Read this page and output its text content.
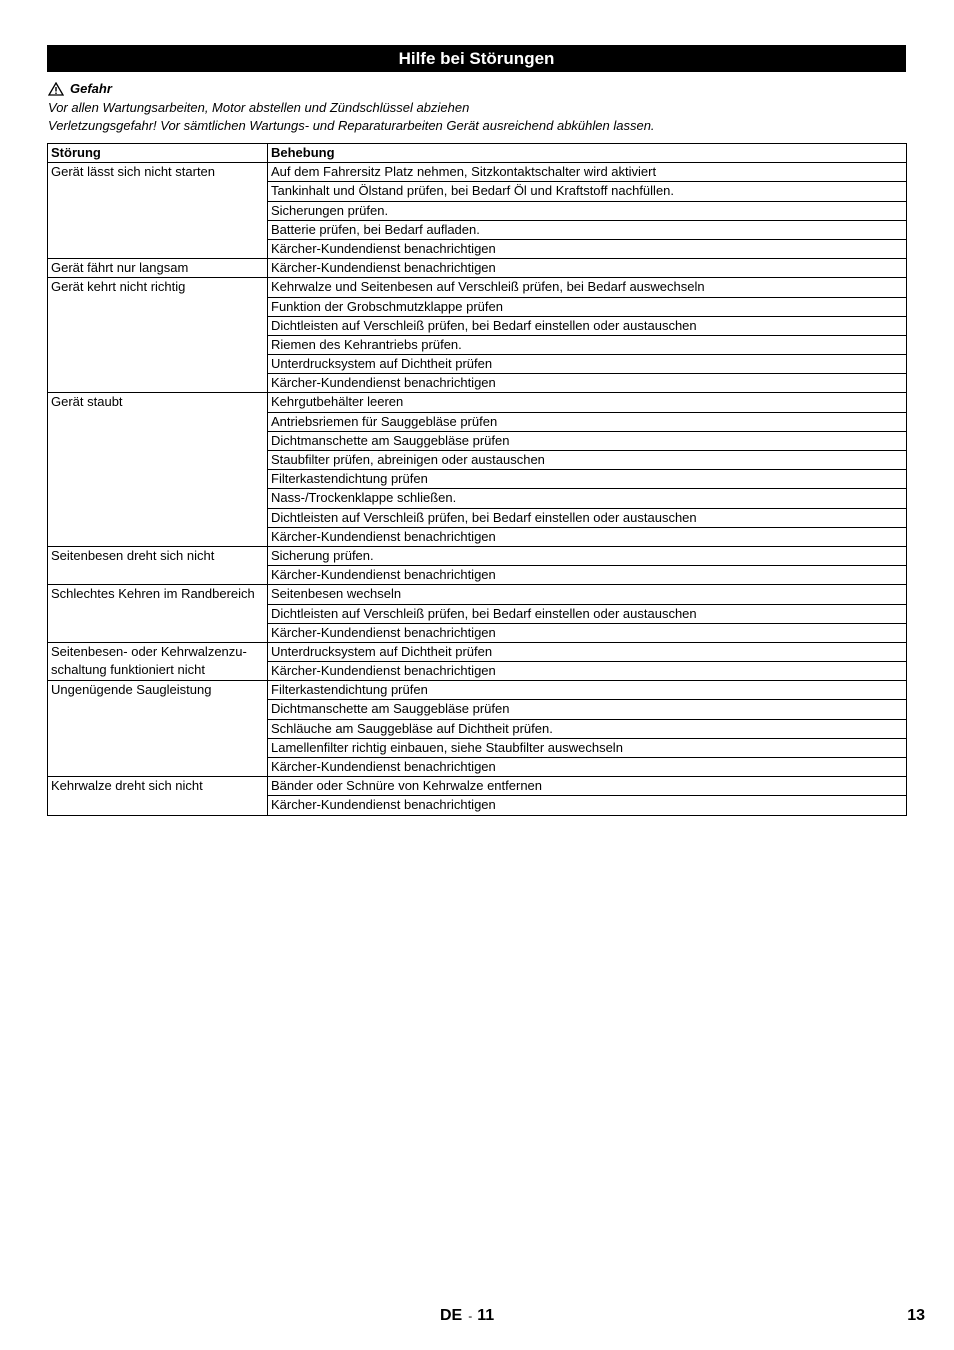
Hilfe bei Störungen
Gefahr
Vor allen Wartungsarbeiten, Motor abstellen und Zündschlüssel abziehen
Verletzungsgefahr! Vor sämtlichen Wartungs- und Reparaturarbeiten Gerät ausreichend abkühlen lassen.
Störung	Behebung
Gerät lässt sich nicht starten	Auf dem Fahrersitz Platz nehmen, Sitzkontaktschalter wird aktiviert
	Tankinhalt und Ölstand prüfen, bei Bedarf Öl und Kraftstoff nachfüllen.
	Sicherungen prüfen.
	Batterie prüfen, bei Bedarf aufladen.
	Kärcher-Kundendienst benachrichtigen
Gerät fährt nur langsam	Kärcher-Kundendienst benachrichtigen
Gerät kehrt nicht richtig	Kehrwalze und Seitenbesen auf Verschleiß prüfen, bei Bedarf auswechseln
	Funktion der Grobschmutzklappe prüfen
	Dichtleisten auf Verschleiß prüfen, bei Bedarf einstellen oder austauschen
	Riemen des Kehrantriebs prüfen.
	Unterdrucksystem auf Dichtheit prüfen
	Kärcher-Kundendienst benachrichtigen
Gerät staubt	Kehrgutbehälter leeren
	Antriebsriemen für Sauggebläse prüfen
	Dichtmanschette am Sauggebläse prüfen
	Staubfilter prüfen, abreinigen oder austauschen
	Filterkastendichtung prüfen
	Nass-/Trockenklappe schließen.
	Dichtleisten auf Verschleiß prüfen, bei Bedarf einstellen oder austauschen
	Kärcher-Kundendienst benachrichtigen
Seitenbesen dreht sich nicht	Sicherung prüfen.
	Kärcher-Kundendienst benachrichtigen
Schlechtes Kehren im Randbereich	Seitenbesen wechseln
	Dichtleisten auf Verschleiß prüfen, bei Bedarf einstellen oder austauschen
	Kärcher-Kundendienst benachrichtigen
Seitenbesen- oder Kehrwalzenzu-schaltung funktioniert nicht	Unterdrucksystem auf Dichtheit prüfen
	Kärcher-Kundendienst benachrichtigen
Ungenügende Saugleistung	Filterkastendichtung prüfen
	Dichtmanschette am Sauggebläse prüfen
	Schläuche am Sauggebläse auf Dichtheit prüfen.
	Lamellenfilter richtig einbauen, siehe Staubfilter auswechseln
	Kärcher-Kundendienst benachrichtigen
Kehrwalze dreht sich nicht	Bänder oder Schnüre von Kehrwalze entfernen
	Kärcher-Kundendienst benachrichtigen
DE - 11	13
